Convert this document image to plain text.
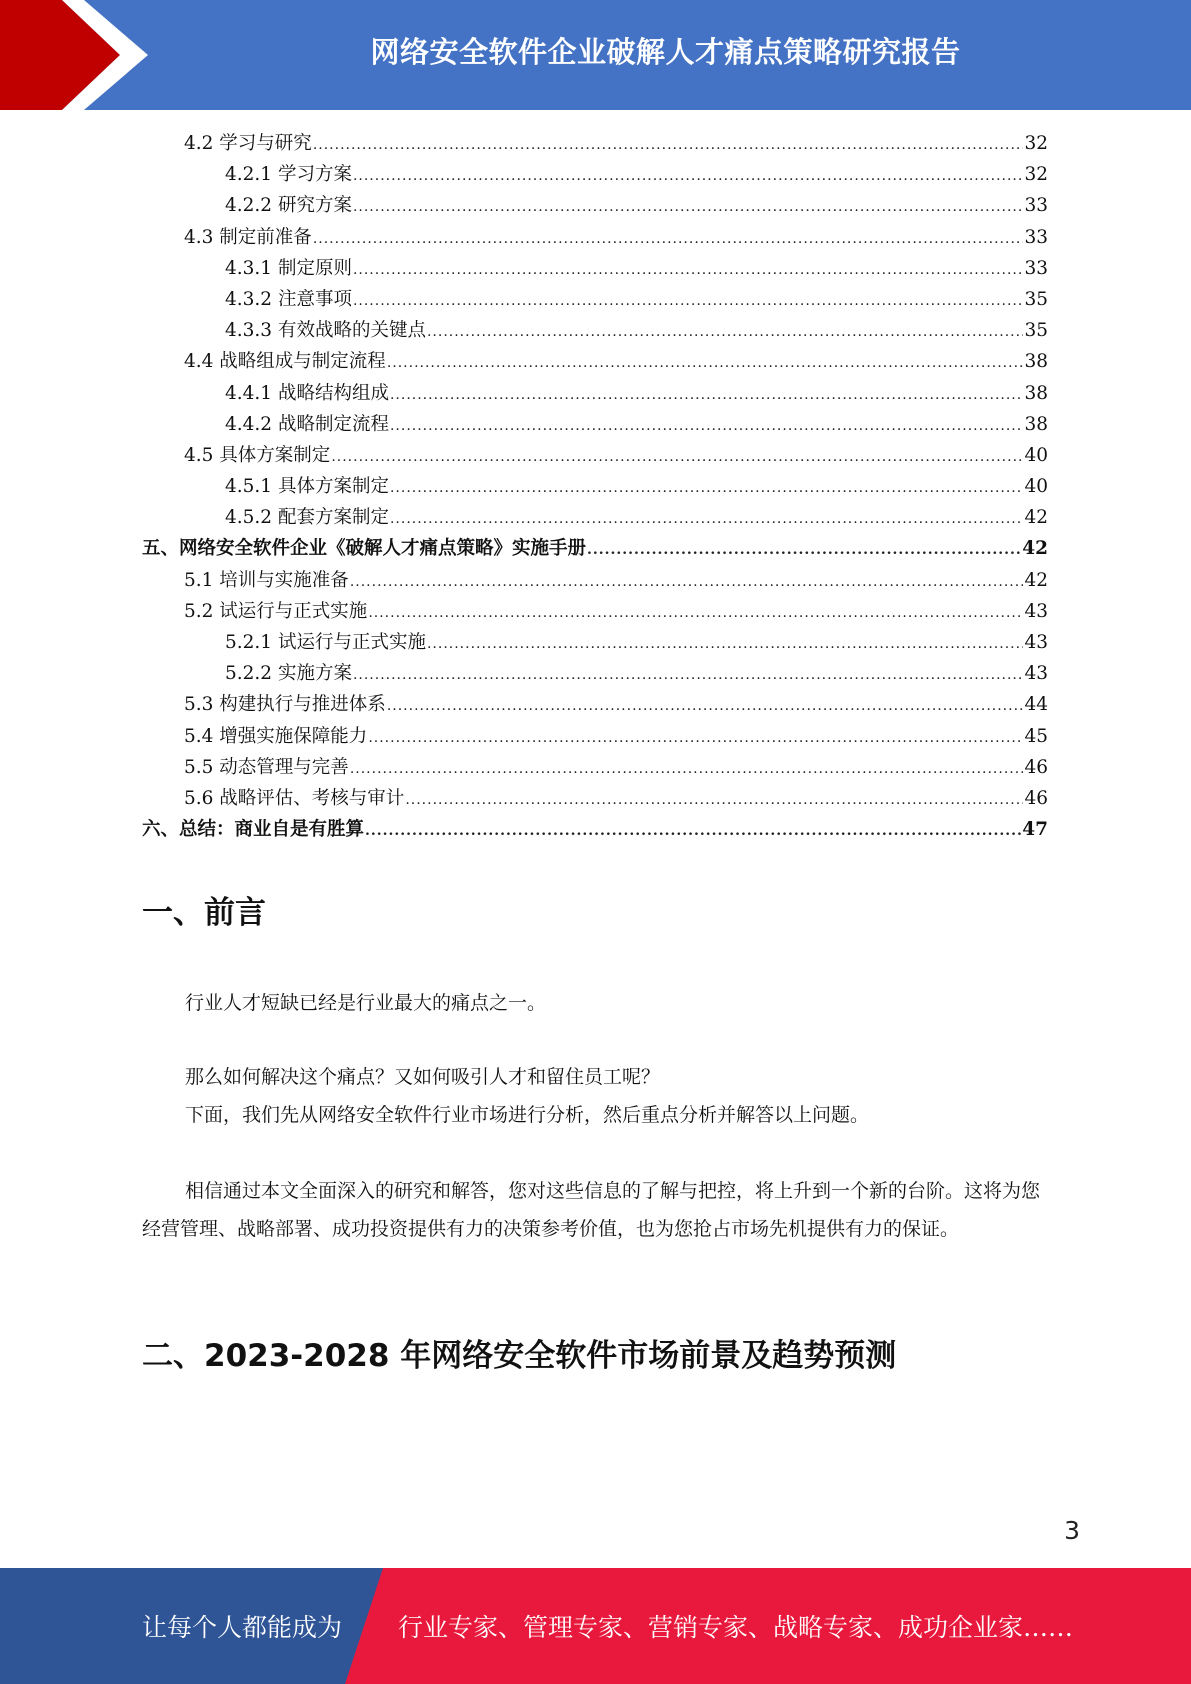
网络安全软件企业破解人才痛点策略研究报告
4.2 学习与研究 .....	32
4.2.1 学习方案 .....	32
4.2.2 研究方案 .....	33
4.3 制定前准备 .....	33
4.3.1 制定原则 .....	33
4.3.2 注意事项 .....	35
4.3.3 有效战略的关键点 .....	35
4.4 战略组成与制定流程 .....	38
4.4.1 战略结构组成 .....	38
4.4.2 战略制定流程 .....	38
4.5 具体方案制定 .....	40
4.5.1 具体方案制定 .....	40
4.5.2 配套方案制定 .....	42
五、网络安全软件企业《破解人才痛点策略》实施手册 .....	42
5.1 培训与实施准备 .....	42
5.2 试运行与正式实施 .....	43
5.2.1 试运行与正式实施 .....	43
5.2.2 实施方案 .....	43
5.3 构建执行与推进体系 .....	44
5.4 增强实施保障能力 .....	45
5.5 动态管理与完善 .....	46
5.6 战略评估、考核与审计 .....	46
六、总结：商业自是有胜算 .....	47
一、前言

行业人才短缺已经是行业最大的痛点之一。

那么如何解决这个痛点？又如何吸引人才和留住员工呢？

下面，我们先从网络安全软件行业市场进行分析，然后重点分析并解答以上问题。

相信通过本文全面深入的研究和解答，您对这些信息的了解与把控，将上升到一个新的台阶。这将为您经营管理、战略部署、成功投资提供有力的决策参考价值，也为您抢占市场先机提供有力的保证。

二、2023-2028 年网络安全软件市场前景及趋势预测
3
让每个人都能成为 行业专家、管理专家、营销专家、战略专家、成功企业家……
